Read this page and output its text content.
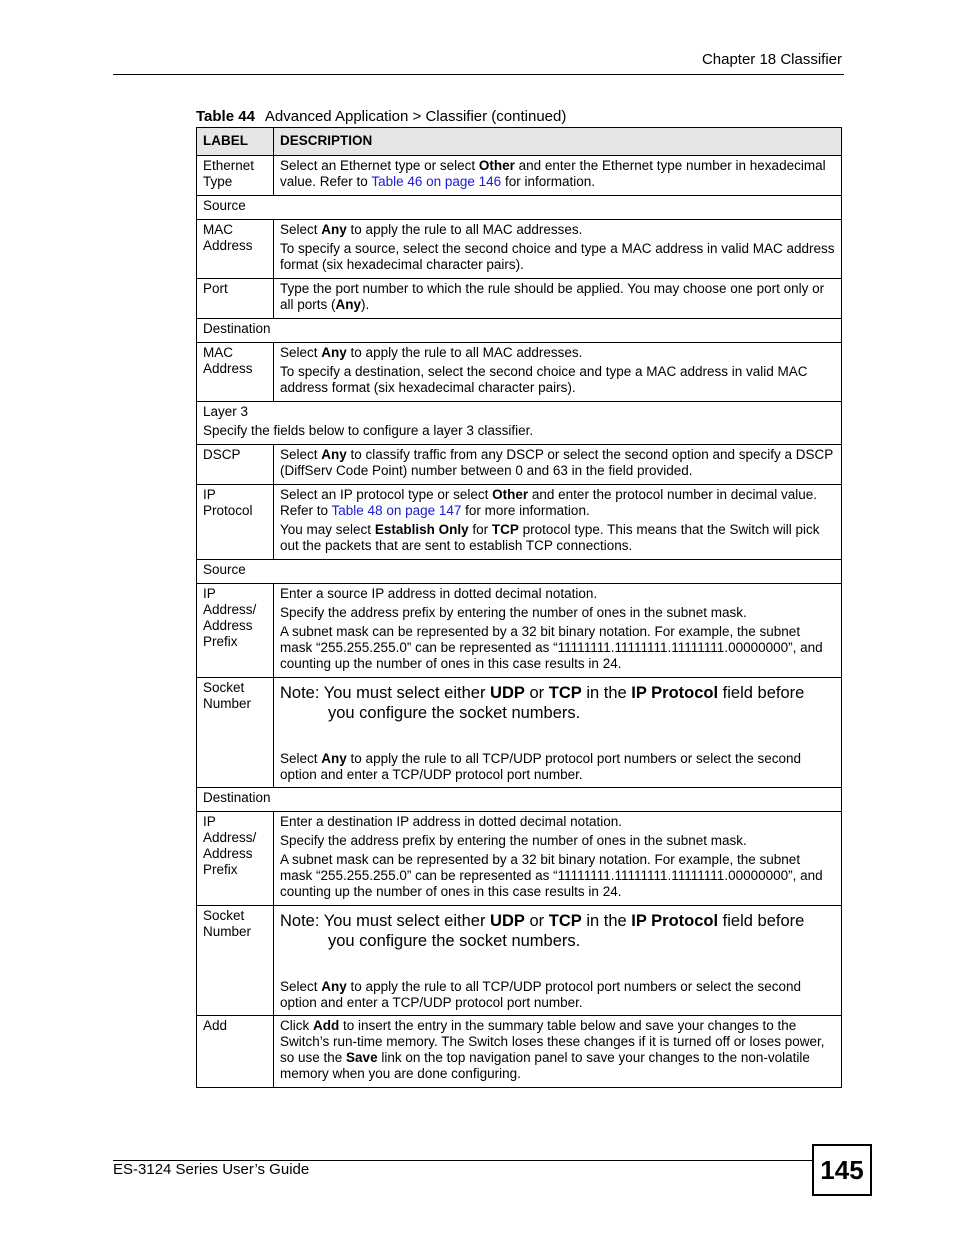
Chapter 18 Classifier
Table 44 Advanced Application > Classifier (continued)
LABEL	DESCRIPTION
Ethernet Type	Select an Ethernet type or select Other and enter the Ethernet type number in hexadecimal value. Refer to Table 46 on page 146 for information.

Source	
MAC Address	Select Any to apply the rule to all MAC addresses.

To specify a source, select the second choice and type a MAC address in valid MAC address format (six hexadecimal character pairs).

Port	Type the port number to which the rule should be applied. You may choose one port only or all ports (Any).

Destination	
MAC Address	Select Any to apply the rule to all MAC addresses.

To specify a destination, select the second choice and type a MAC address in valid MAC address format (six hexadecimal character pairs).

Layer 3
Specify the fields below to configure a layer 3 classifier.	

DSCP	Select Any to classify traffic from any DSCP or select the second option and specify a DSCP (DiffServ Code Point) number between 0 and 63 in the field provided.

IP Protocol	Select an IP protocol type or select Other and enter the protocol number in decimal value. Refer to Table 48 on page 147 for more information.

You may select Establish Only for TCP protocol type. This means that the Switch will pick out the packets that are sent to establish TCP connections.

Source	
IP Address/ Address Prefix	Enter a source IP address in dotted decimal notation.

Specify the address prefix by entering the number of ones in the subnet mask.

A subnet mask can be represented by a 32 bit binary notation. For example, the subnet mask “255.255.255.0” can be represented as “11111111.11111111.11111111.00000000”, and counting up the number of ones in this case results in 24.

Socket Number	Note: You must select either UDP or TCP in the IP Protocol field before you configure the socket numbers.

Select Any to apply the rule to all TCP/UDP protocol port numbers or select the second option and enter a TCP/UDP protocol port number.

Destination	
IP Address/ Address Prefix	Enter a destination IP address in dotted decimal notation.

Specify the address prefix by entering the number of ones in the subnet mask.

A subnet mask can be represented by a 32 bit binary notation. For example, the subnet mask “255.255.255.0” can be represented as “11111111.11111111.11111111.00000000”, and counting up the number of ones in this case results in 24.

Socket Number	Note: You must select either UDP or TCP in the IP Protocol field before you configure the socket numbers.

Select Any to apply the rule to all TCP/UDP protocol port numbers or select the second option and enter a TCP/UDP protocol port number.

Add	Click Add to insert the entry in the summary table below and save your changes to the Switch’s run-time memory. The Switch loses these changes if it is turned off or loses power, so use the Save link on the top navigation panel to save your changes to the non-volatile memory when you are done configuring.

ES-3124 Series User’s Guide	145
